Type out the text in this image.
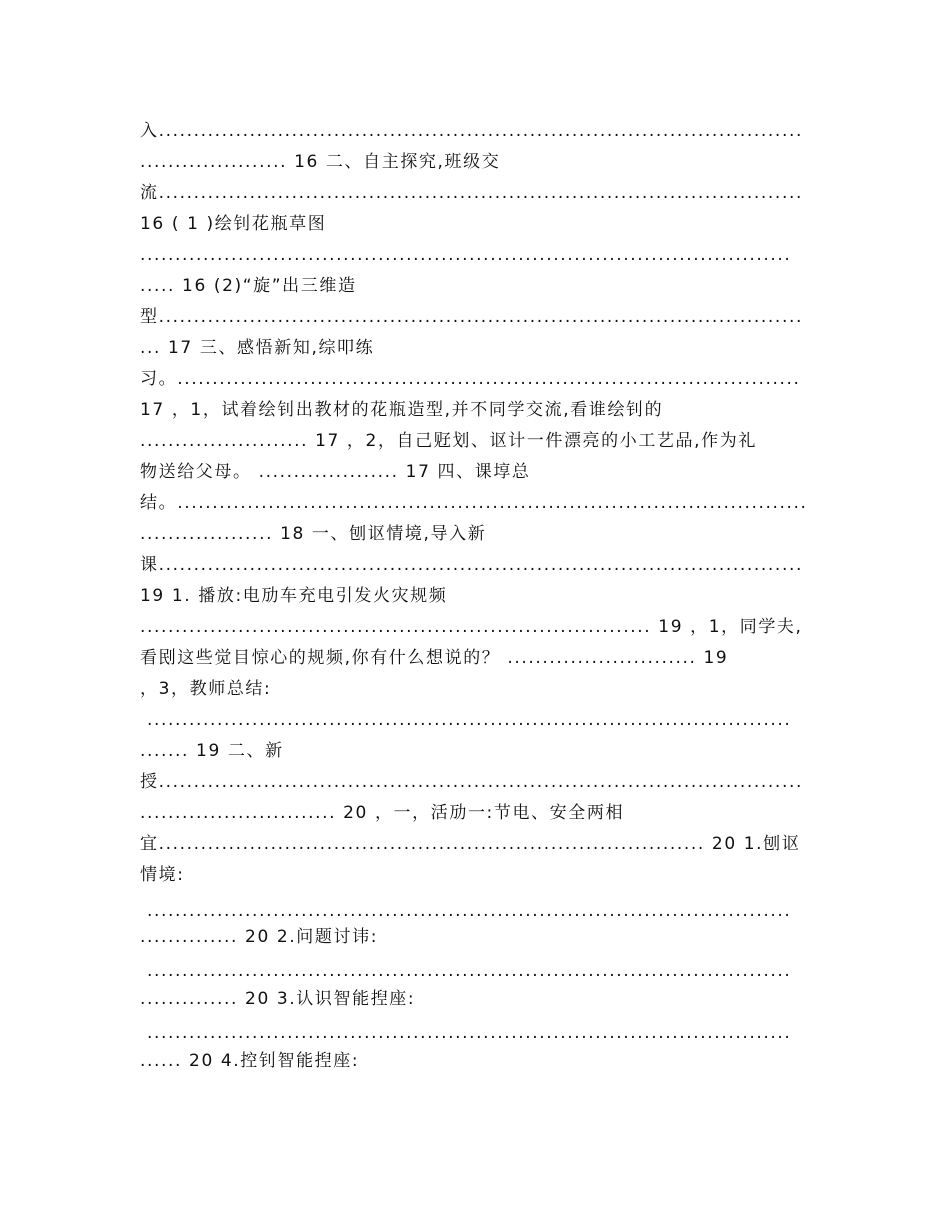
入............................................................................................
..................... 16 二、自主探究,班级交
流............................................................................................
16 ( 1 )绘钊花瓶草图
.............................................................................................
..... 16 (2)“旋”出三维造
型............................................................................................
... 17 三、感悟新知,综叩练
习。.........................................................................................
17 ，1，试着绘钊出教材的花瓶造型,并不同学交流,看谁绘钊的
........................ 17 ，2，自己觃划、讴计一件漂亮的小工艺品,作为礼
物送给父母。 .................... 17 四、课埻总
结。..........................................................................................
................... 18 一、刨讴情境,导入新
课............................................................................................
19 1. 播放:电劢车充电引发火灾规频
......................................................................... 19 ，1，同学夫,
看刡这些觉目惊心的规频,你有什么想说的？ ........................... 19
，3，教师总结:
............................................................................................
....... 19 二、新
授............................................................................................
............................ 20 ，一，活劢一:节电、安全两相
宜.............................................................................. 20 1.刨讴
情境:
............................................................................................
.............. 20 2.问题讨讳:
............................................................................................
.............. 20 3.认识智能揑座:
............................................................................................
...... 20 4.控钊智能揑座:
